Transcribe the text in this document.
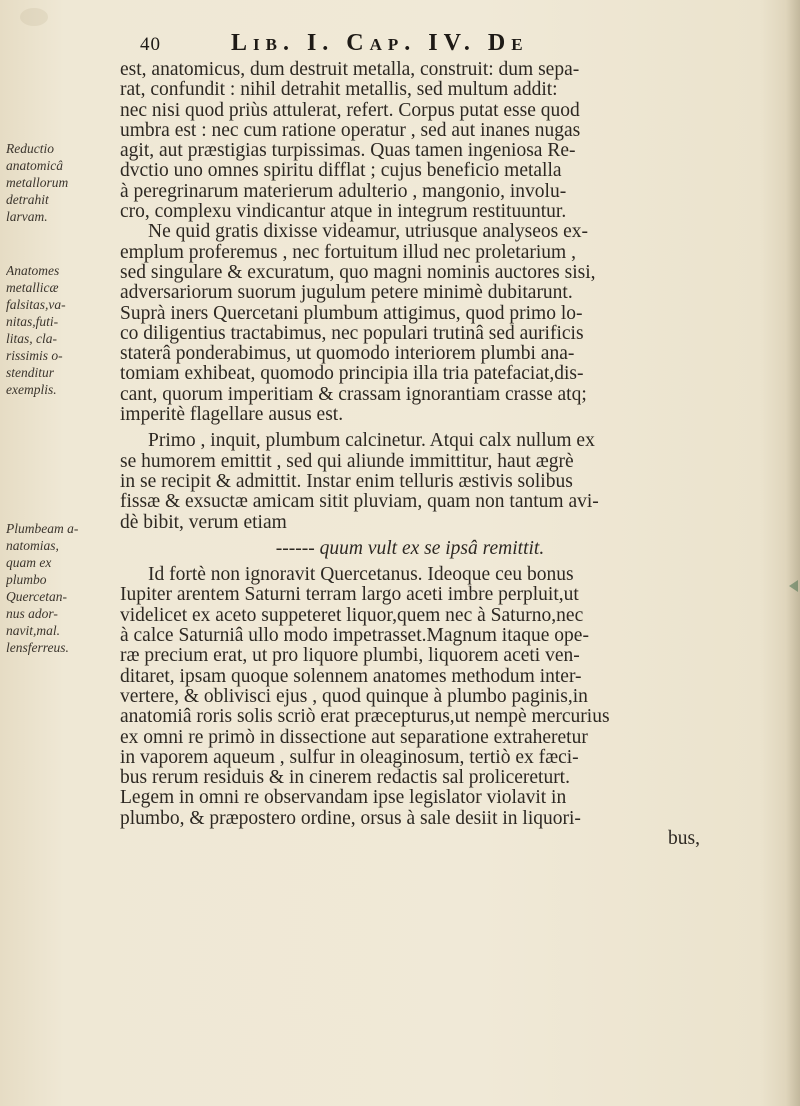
40	Lib. I. Cap. IV. De
Reductio
anatomicâ
metallorum
detrahit
larvam.
Anatomes
metallicæ
falsitas,va-
nitas,futi-
litas, cla-
rissimis o-
stenditur
exemplis.
Plumbeam a-
natomias,
quam ex
plumbo
Quercetan-
nus ador-
navit,mal.
lensferreus.
est, anatomicus, dum destruit metalla, construit: dum sepa-
rat, confundit : nihil detrahit metallis, sed multum addit:
nec nisi quod priùs attulerat, refert. Corpus putat esse quod
umbra est : nec cum ratione operatur , sed aut inanes nugas
agit, aut præstigias turpissimas. Quas tamen ingeniosa Re-
dvctio uno omnes spiritu difflat ; cujus beneficio metalla
à peregrinarum materierum adulterio , mangonio, involu-
cro, complexu vindicantur atque in integrum restituuntur.
Ne quid gratis dixisse videamur, utriusque analyseos ex-
emplum proferemus , nec fortuitum illud nec proletarium ,
sed singulare & excuratum, quo magni nominis auctores sisi,
adversariorum suorum jugulum petere minimè dubitarunt.
Suprà iners Quercetani plumbum attigimus, quod primo lo-
co diligentius tractabimus, nec populari trutinâ sed aurificis
staterâ ponderabimus, ut quomodo interiorem plumbi ana-
tomiam exhibeat, quomodo principia illa tria patefaciat,dis-
cant, quorum imperitiam & crassam ignorantiam crasse atq;
imperitè flagellare ausus est.
Primo , inquit, plumbum calcinetur. Atqui calx nullum ex
se humorem emittit , sed qui aliunde immittitur, haut ægrè
in se recipit & admittit. Instar enim telluris æstivis solibus
fissæ & exsuctæ amicam sitit pluviam, quam non tantum avi-
dè bibit, verum etiam
------ quum vult ex se ipsâ remittit.
Id fortè non ignoravit Quercetanus. Ideoque ceu bonus
Iupiter arentem Saturni terram largo aceti imbre perpluit,ut
videlicet ex aceto suppeteret liquor,quem nec à Saturno,nec
à calce Saturniâ ullo modo impetrasset.Magnum itaque ope-
ræ precium erat, ut pro liquore plumbi, liquorem aceti ven-
ditaret, ipsam quoque solennem anatomes methodum inter-
vertere, & oblivisci ejus , quod quinque à plumbo paginis,in
anatomiâ roris solis scriò erat præcepturus,ut nempè mercurius
ex omni re primò in dissectione aut separatione extraheretur
in vaporem aqueum , sulfur in oleaginosum, tertiò ex fæci-
bus rerum residuis & in cinerem redactis sal prolicereturt.
Legem in omni re observandam ipse legislator violavit in
plumbo, & præpostero ordine, orsus à sale desiit in liquori-
bus,
